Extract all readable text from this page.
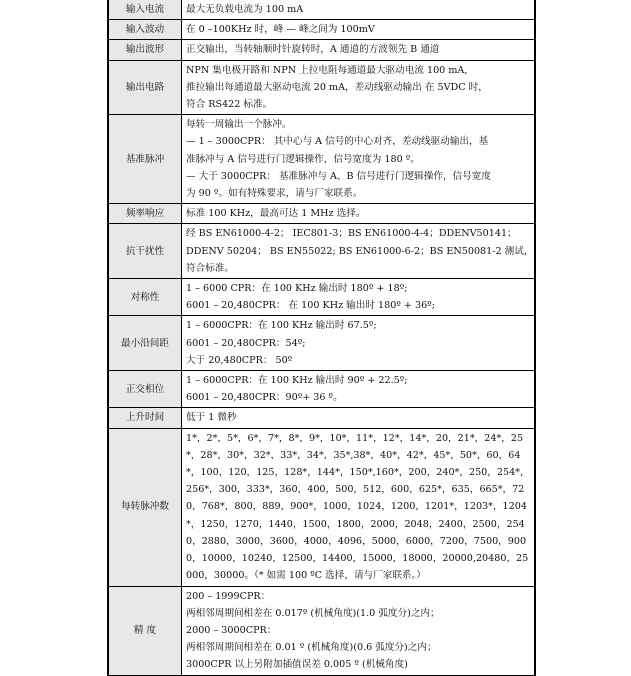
输入电流	最大无负载电流为 100 mA

输入波动	在 0 –100KHz 时，峰 — 峰之间为 100mV

输出波形	正交输出，当转轴顺时针旋转时，A 通道的方波领先 B 通道

输出电路	NPN 集电极开路和 NPN 上拉电阻每通道最大驱动电流 100 mA,
推拉输出每通道最大驱动电流 20 mA，差动线驱动输出 在 5VDC 时，
符合 RS422 标准。

基准脉冲	每转一周输出一个脉冲。
— 1 – 3000CPR： 其中心与 A 信号的中心对齐，差动线驱动输出，基
准脉冲与 A 信号进行门逻辑操作，信号宽度为 180 º。
— 大于 3000CPR： 基准脉冲与 A、B 信号进行门逻辑操作，信号宽度
为 90 º。如有特殊要求，请与厂家联系。

频率响应	标准 100 KHz，最高可达 1 MHz 选择。

抗干扰性	经 BS EN61000-4-2； IEC801-3；BS EN61000-4-4；DDENV50141；
DDENV 50204； BS EN55022; BS EN61000-6-2；BS EN50081-2 测试，
符合标准。

对称性	1 – 6000 CPR：在 100 KHz 输出时 180º + 18º;
6001 – 20,480CPR： 在 100 KHz 输出时 180º + 36º;

最小沿间距	1 – 6000CPR：在 100 KHz 输出时 67.5º;
6001 – 20,480CPR：54º;
大于 20,480CPR： 50º

正交相位	1 – 6000CPR：在 100 KHz 输出时 90º + 22.5º;
6001 – 20,480CPR：90º+ 36 º。

上升时间	低于 1 微秒

每转脉冲数	1*，2*，5*，6*，7*，8*，9*，10*，11*，12*，14*，20，21*，24*，25*，28*，30*，32*，33*，34*，35*,38*，40*，42*，45*，50*，60，64*，100，120，125，128*，144*，150*,160*，200，240*，250，254*，256*，300，333*，360，400，500，512，600，625*，635，665*，720，768*，800，889，900*，1000，1024，1200，1201*，1203*，1204*，1250，1270，1440，1500，1800，2000，2048，2400，2500，2540，2880，3000，3600，4000，4096，5000，6000，7200，7500，9000，10000，10240，12500，14400，15000，18000，20000,20480，25000，30000。（* 如需 100 ºC 选择，请与厂家联系。）

精 度	200 – 1999CPR：
两相邻周期间相差在 0.017º (机械角度)(1.0 弧度分)之内；
2000 – 3000CPR：
两相邻周期间相差在 0.01 º (机械角度)(0.6 弧度分)之内；
3000CPR 以上另附加插值误差 0.005 º (机械角度)
